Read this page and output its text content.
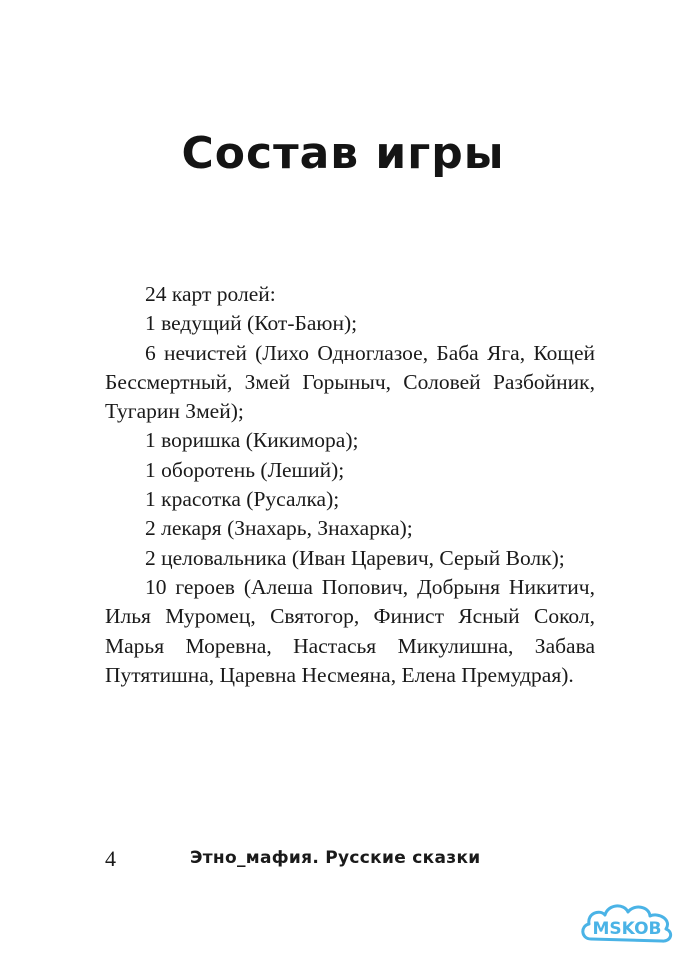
Состав игры

24 карт ролей:

1 ведущий (Кот-Баюн);

6 нечистей (Лихо Одноглазое, Баба Яга, Кощей Бессмертный, Змей Горыныч, Соловей Разбойник, Тугарин Змей);

1 воришка (Кикимора);

1 оборотень (Леший);

1 красотка (Русалка);

2 лекаря (Знахарь, Знахарка);

2 целовальника (Иван Царевич, Серый Волк);

10 героев (Алеша Попович, Добрыня Никитич, Илья Муромец, Святогор, Финист Ясный Сокол, Марья Моревна, Настасья Микулишна, Забава Путятишна, Царевна Несмеяна, Елена Премудрая).

4	Этно_мафия. Русские сказки
MSKOB
